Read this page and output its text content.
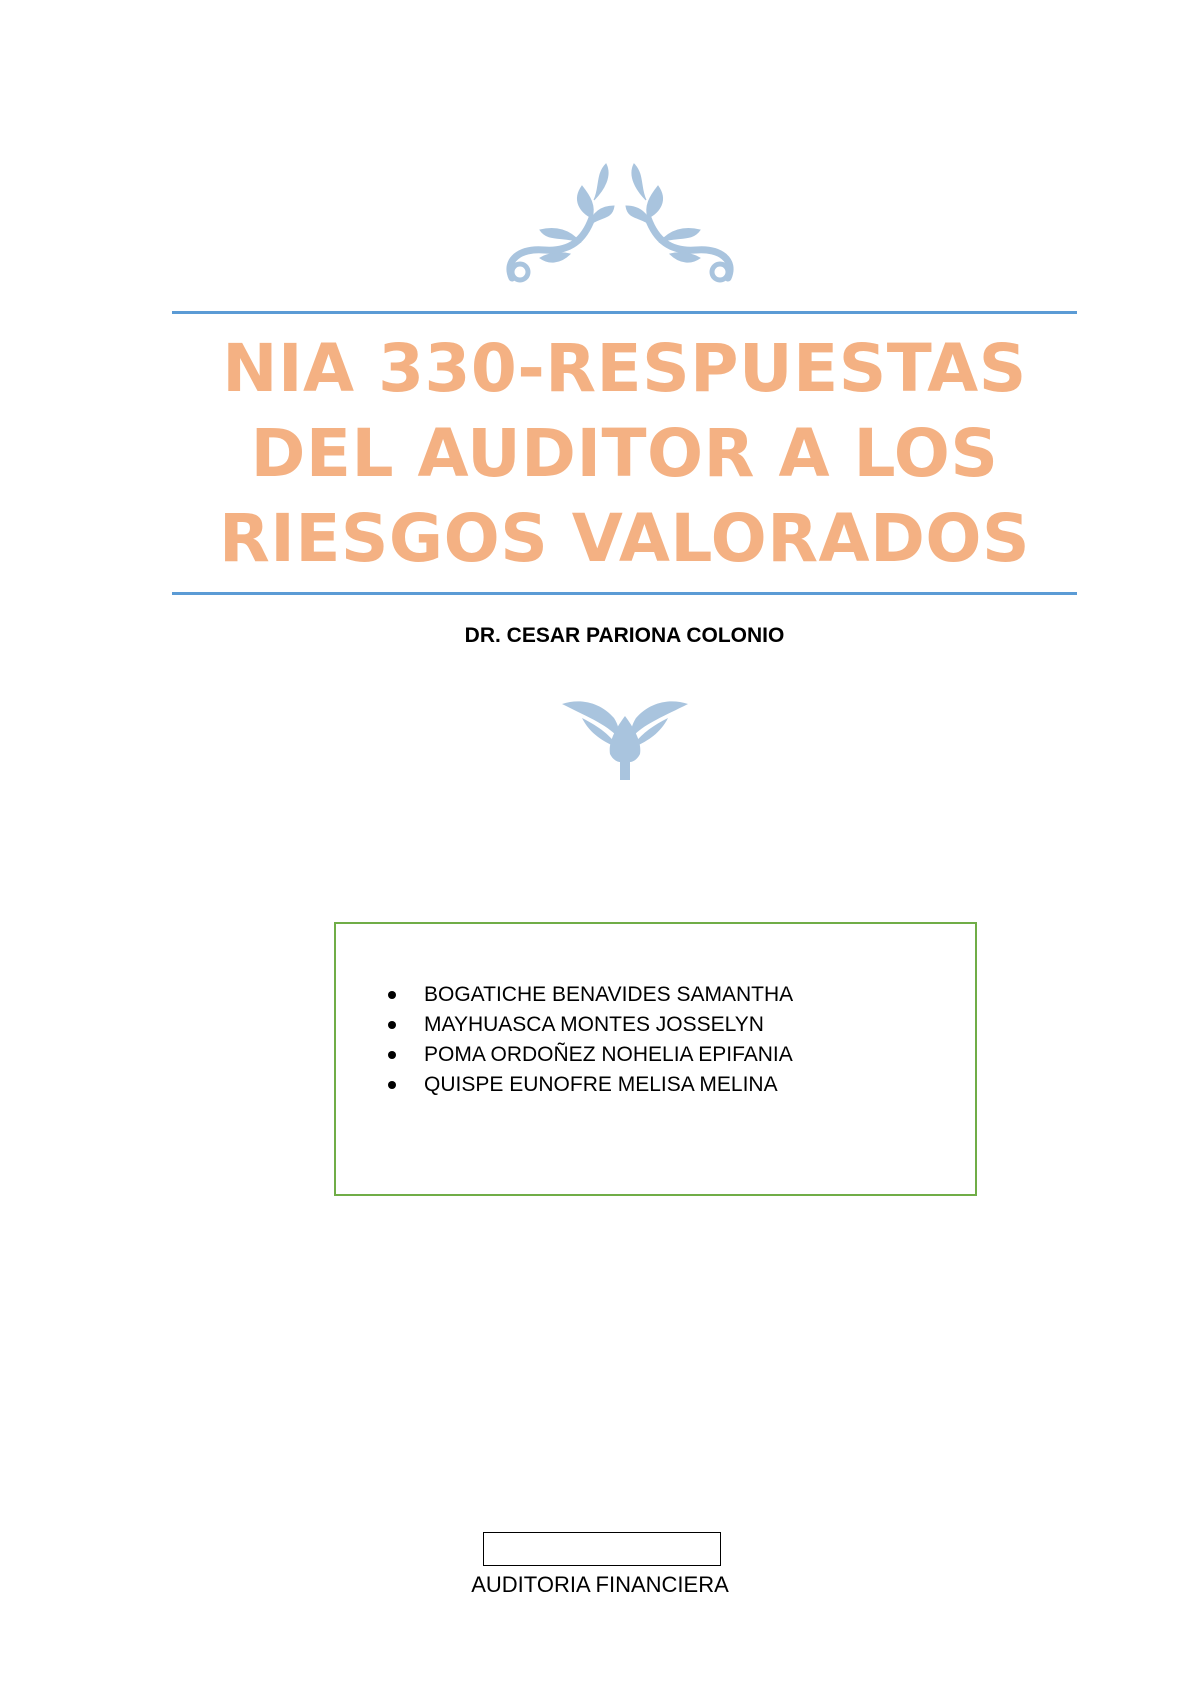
NIA 330-RESPUESTAS
DEL AUDITOR A LOS
RIESGOS VALORADOS
DR. CESAR PARIONA COLONIO
BOGATICHE BENAVIDES SAMANTHA
MAYHUASCA MONTES JOSSELYN
POMA ORDOÑEZ NOHELIA EPIFANIA
QUISPE EUNOFRE MELISA MELINA
AUDITORIA FINANCIERA
